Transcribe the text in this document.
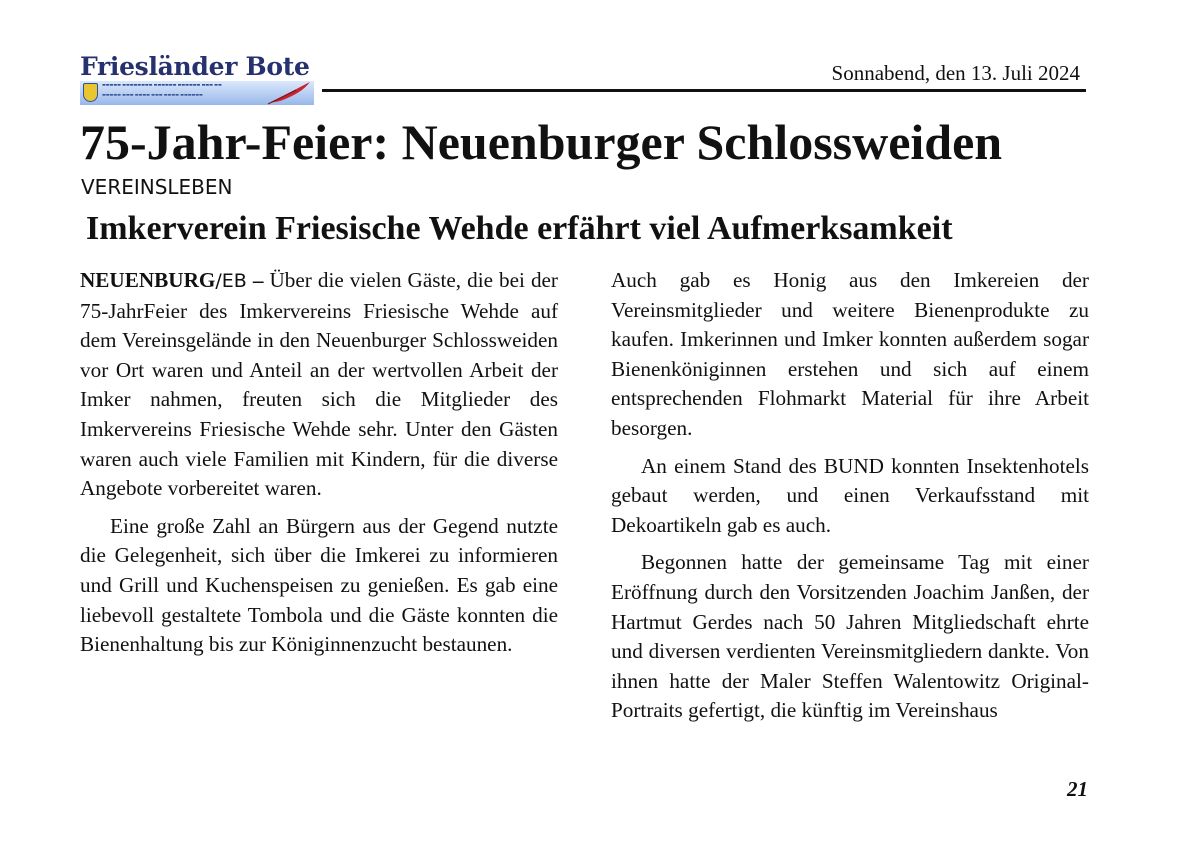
Friesländer Bote
▬▬▬▬▬ ▬▬▬▬▬▬▬▬ ▬▬▬▬▬▬ ▬▬▬▬▬▬ ▬▬▬ ▬▬
▬▬▬▬▬ ▬▬▬ ▬▬▬▬ ▬▬▬ ▬▬▬▬ ▬▬▬▬▬▬
Sonnabend, den 13. Juli 2024
75-Jahr-Feier: Neuenburger Schlossweiden
VEREINSLEBEN
Imkerverein Friesische Wehde erfährt viel Aufmerksamkeit

NEUENBURG/EB – Über die vielen Gäste, die bei der 75-JahrFeier des Imkervereins Friesische Wehde auf dem Vereinsgelände in den Neuenburger Schlossweiden vor Ort waren und Anteil an der wertvollen Arbeit der Imker nahmen, freuten sich die Mitglieder des Imkervereins Friesische Wehde sehr. Unter den Gästen waren auch viele Familien mit Kindern, für die diverse Angebote vorbereitet waren.

Eine große Zahl an Bürgern aus der Gegend nutzte die Gelegenheit, sich über die Imkerei zu informieren und Grill und Kuchenspeisen zu genießen. Es gab eine liebevoll gestaltete Tombola und die Gäste konnten die Bienenhaltung bis zur Königinnenzucht bestaunen.

Auch gab es Honig aus den Imkereien der Vereinsmitglieder und weitere Bienenprodukte zu kaufen. Imkerinnen und Imker konnten außerdem sogar Bienenköniginnen erstehen und sich auf einem entsprechenden Flohmarkt Material für ihre Arbeit besorgen.

An einem Stand des BUND konnten Insektenhotels gebaut werden, und einen Verkaufsstand mit Dekoartikeln gab es auch.

Begonnen hatte der gemeinsame Tag mit einer Eröffnung durch den Vorsitzenden Joachim Janßen, der Hartmut Gerdes nach 50 Jahren Mitgliedschaft ehrte und diversen verdienten Vereinsmitgliedern dankte. Von ihnen hatte der Maler Steffen Walentowitz Original-Portraits gefertigt, die künftig im Vereinshaus

21
